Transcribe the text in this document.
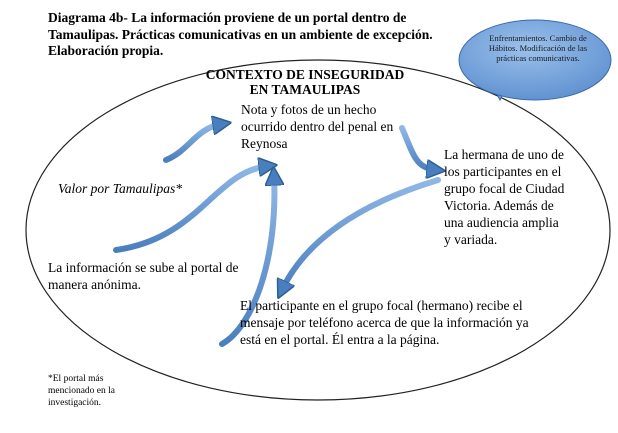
Diagrama 4b- La información proviene de un portal dentro de Tamaulipas. Prácticas comunicativas en un ambiente de excepción. Elaboración propia.
Enfrentamientos. Cambio de Hábitos. Modificación de las prácticas comunicativas.
CONTEXTO DE INSEGURIDAD EN TAMAULIPAS
Nota y fotos de un hecho ocurrido dentro del penal en Reynosa
Valor por Tamaulipas*
La hermana de uno de los participantes en el grupo focal de Ciudad Victoria. Además de una audiencia amplia y variada.
La información se sube al portal de manera anónima.
El participante en el grupo focal (hermano) recibe el mensaje por teléfono acerca de que la información ya está en el portal. Él entra a la página.
*El portal más mencionado en la investigación.
